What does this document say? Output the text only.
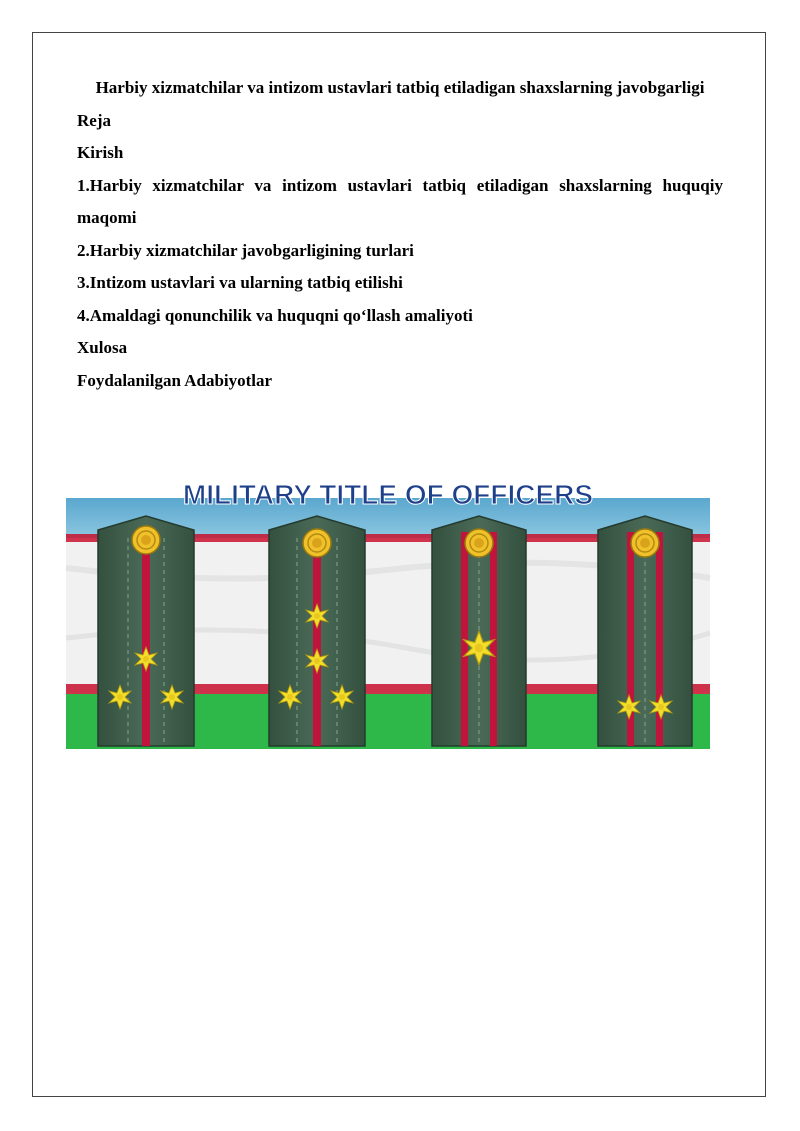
Harbiy xizmatchilar va intizom ustavlari tatbiq etiladigan shaxslarning javobgarligi

Reja

Kirish

1.Harbiy xizmatchilar va intizom ustavlari tatbiq etiladigan shaxslarning huquqiy maqomi

2.Harbiy xizmatchilar javobgarligining turlari

3.Intizom ustavlari va ularning tatbiq etilishi

4.Amaldagi qonunchilik va huquqni qo‘llash amaliyoti

Xulosa

Foydalanilgan Adabiyotlar

MILITARY TITLE OF OFFICERS
